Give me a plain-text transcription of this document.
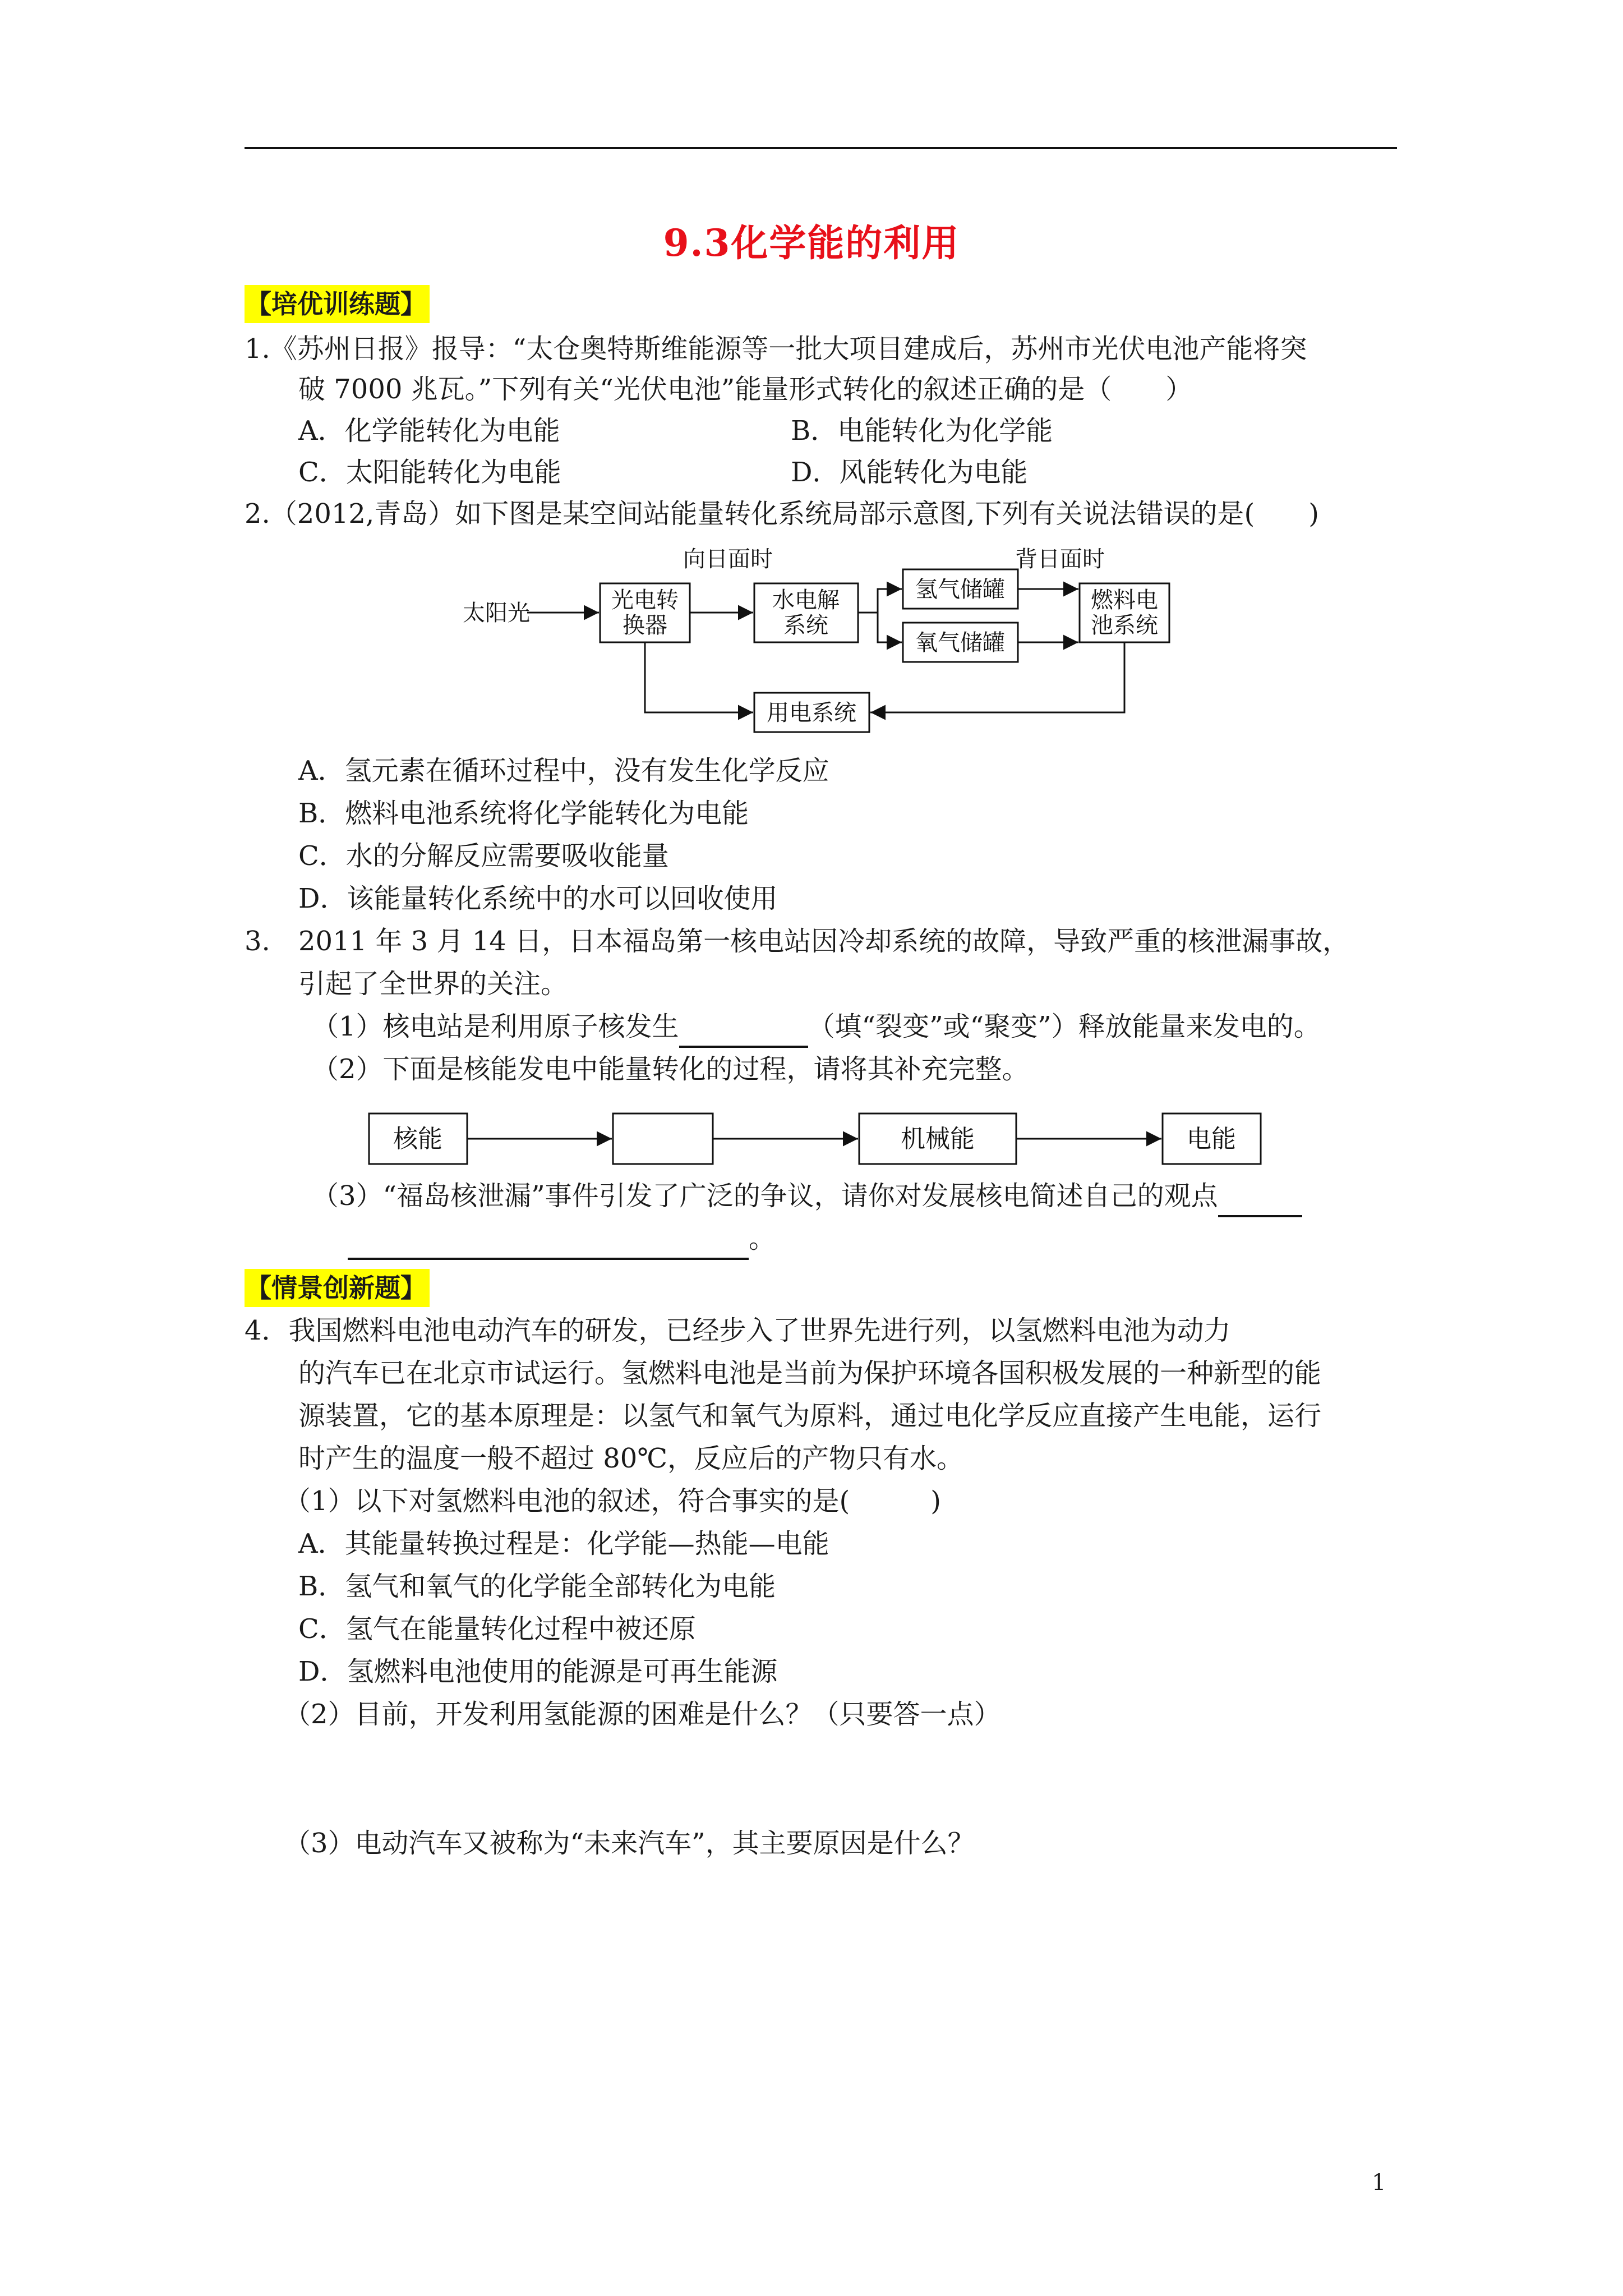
9.3化学能的利用
【培优训练题】
1.《苏州日报》报导：“太仓奥特斯维能源等一批大项目建成后，苏州市光伏电池产能将突
破 7000 兆瓦。”下列有关“光伏电池”能量形式转化的叙述正确的是（　　）
A．化学能转化为电能	B．电能转化为化学能
C．太阳能转化为电能	D．风能转化为电能
2.（2012,青岛）如下图是某空间站能量转化系统局部示意图,下列有关说法错误的是(　　)
太阳光
向日面时	背日面时
光电转
换器
水电解
系统
氢气储罐
氧气储罐
燃料电
池系统
用电系统
A．氢元素在循环过程中，没有发生化学反应
B．燃料电池系统将化学能转化为电能
C．水的分解反应需要吸收能量
D．该能量转化系统中的水可以回收使用
3. 2011 年 3 月 14 日，日本福岛第一核电站因冷却系统的故障，导致严重的核泄漏事故，
引起了全世界的关注。
（1）核电站是利用原子核发生	（填“裂变”或“聚变”）释放能量来发电的。
（2）下面是核能发电中能量转化的过程，请将其补充完整。
核能	机械能	电能
（3）“福岛核泄漏”事件引发了广泛的争议，请你对发展核电简述自己的观点
。
【情景创新题】
4．我国燃料电池电动汽车的研发，已经步入了世界先进行列，以氢燃料电池为动力
的汽车已在北京市试运行。氢燃料电池是当前为保护环境各国积极发展的一种新型的能
源装置，它的基本原理是：以氢气和氧气为原料，通过电化学反应直接产生电能，运行
时产生的温度一般不超过 80℃，反应后的产物只有水。
（1）以下对氢燃料电池的叙述，符合事实的是(　　　)
A．其能量转换过程是：化学能—热能—电能
B．氢气和氧气的化学能全部转化为电能
C．氢气在能量转化过程中被还原
D．氢燃料电池使用的能源是可再生能源
（2）目前，开发利用氢能源的困难是什么？（只要答一点）
（3）电动汽车又被称为“未来汽车”，其主要原因是什么？
1
